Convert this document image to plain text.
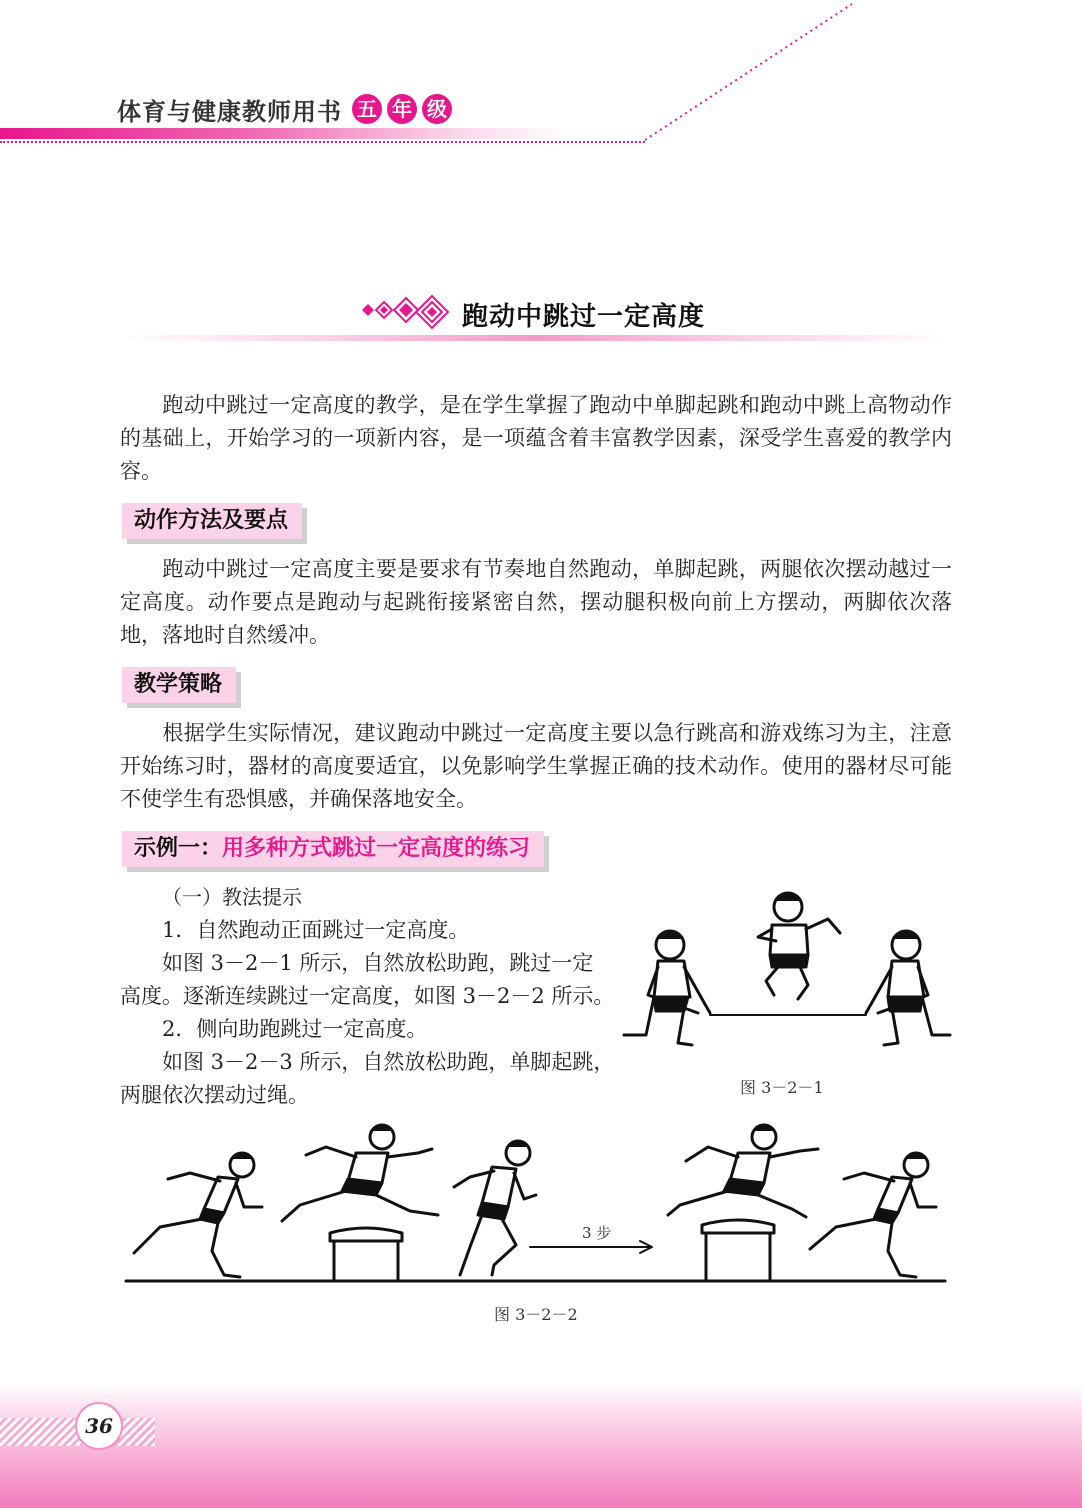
体育与健康教师用书 五 年 级
跑动中跳过一定高度
跑动中跳过一定高度的教学，是在学生掌握了跑动中单脚起跳和跑动中跳上高物动作的基础上，开始学习的一项新内容，是一项蕴含着丰富教学因素，深受学生喜爱的教学内容。
动作方法及要点
跑动中跳过一定高度主要是要求有节奏地自然跑动，单脚起跳，两腿依次摆动越过一定高度。动作要点是跑动与起跳衔接紧密自然，摆动腿积极向前上方摆动，两脚依次落地，落地时自然缓冲。
教学策略
根据学生实际情况，建议跑动中跳过一定高度主要以急行跳高和游戏练习为主，注意开始练习时，器材的高度要适宜，以免影响学生掌握正确的技术动作。使用的器材尽可能不使学生有恐惧感，并确保落地安全。
示例一：用多种方式跳过一定高度的练习
（一）教法提示
1．自然跑动正面跳过一定高度。
如图 3－2－1 所示，自然放松助跑，跳过一定
高度。逐渐连续跳过一定高度，如图 3－2－2 所示。
2．侧向助跑跳过一定高度。
如图 3－2－3 所示，自然放松助跑，单脚起跳，
两腿依次摆动过绳。	图 3－2－1
3 步
图 3－2－2
36
